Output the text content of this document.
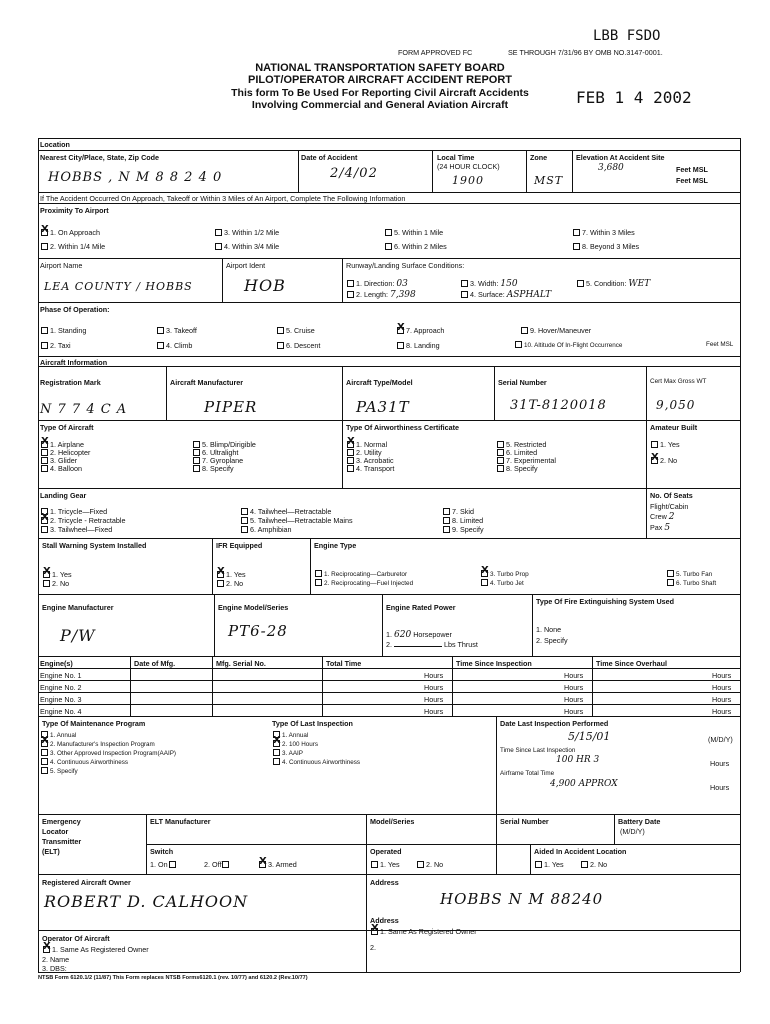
FORM APPROVED FC	SE THROUGH 7/31/96 BY OMB NO.3147-0001.
LBB FSDO
FEB 1 4 2002
NATIONAL TRANSPORTATION SAFETY BOARD
PILOT/OPERATOR AIRCRAFT ACCIDENT REPORT
This form To Be Used For Reporting Civil Aircraft Accidents
Involving Commercial and General Aviation Aircraft
Location
Nearest City/Place, State, Zip Code
HOBBS , N M 8 8 2 4 0
Date of Accident
2/4/02
Local Time
(24 HOUR CLOCK)
1900
Zone
MST
Elevation At Accident Site
3,680	Feet MSL
Feet MSL
If The Accident Occurred On Approach, Takeoff or Within 3 Miles of An Airport, Complete The Following Information
Proximity To Airport
X1. On Approach
2. Within 1/4 Mile
3. Within 1/2 Mile
4. Within 3/4 Mile
5. Within 1 Mile
6. Within 2 Miles
7. Within 3 Miles
8. Beyond 3 Miles
Airport Name
LEA COUNTY / HOBBS
Airport Ident
HOB
Runway/Landing Surface Conditions:
1. Direction: 03
2. Length: 7,398
3. Width: 150
4. Surface: ASPHALT
5. Condition: WET
Phase Of Operation:
1. Standing
2. Taxi
3. Takeoff
4. Climb
5. Cruise
6. Descent
X7. Approach
8. Landing
9. Hover/Maneuver
10. Altitude Of In-Flight Occurrence	Feet MSL
Aircraft Information
Registration Mark
N 7 7 4 C A
Aircraft Manufacturer
PIPER
Aircraft Type/Model
PA31T
Serial Number
31T-8120018
Cert Max Gross WT
9,050
Type Of Aircraft
X1. Airplane
2. Helicopter
3. Glider
4. Balloon
5. Blimp/Dirigible
6. Ultralight
7. Gyroplane
8. Specify
Type Of Airworthiness Certificate
X1. Normal
2. Utility
3. Acrobatic
4. Transport
5. Restricted
6. Limited
7. Experimental
8. Specify
Amateur Built
1. Yes
X2. No
Landing Gear
1. Tricycle—Fixed
X2. Tricycle - Retractable
3. Tailwheel—Fixed
4. Tailwheel—Retractable
5. Tailwheel—Retractable Mains
6. Amphibian
7. Skid
8. Limited
9. Specify
No. Of Seats
Flight/Cabin
Crew 2
Pax 5
Stall Warning System Installed
X1. Yes
2. No
IFR Equipped
X1. Yes
2. No
Engine Type
1. Reciprocating—Carburetor
2. Reciprocating—Fuel Injected
X3. Turbo Prop
4. Turbo Jet
5. Turbo Fan
6. Turbo Shaft
Engine Manufacturer
P/W
Engine Model/Series
PT6-28
Engine Rated Power
1. 620 Horsepower
2.	Lbs Thrust
Type Of Fire Extinguishing System Used
1. None
2. Specify
Engine(s)	Date of Mfg.	Mfg. Serial No.	Total Time	Time Since Inspection	Time Since Overhaul
Engine No. 1
Engine No. 2
Engine No. 3
Engine No. 4
Hours
Hours
Hours
Hours
Hours
Hours
Hours
Hours
Hours
Hours
Hours
Hours
Type Of Maintenance Program
1. Annual
X2. Manufacturer's Inspection Program
3. Other Approved Inspection Program(AAIP)
4. Continuous Airworthiness
5. Specify
Type Of Last Inspection
1. Annual
X2. 100 Hours
3. AAIP
4. Continuous Airworthiness
Date Last Inspection Performed
5/15/01	(M/D/Y)
Time Since Last Inspection
100 HR 3	Hours
Airframe Total Time
4,900 APPROX	Hours
Emergency
Locator
Transmitter
(ELT)
ELT Manufacturer	Model/Series	Serial Number	Battery Date
(M/D/Y)
Switch
1. On	2. Off
X	3. Armed
Operated
1. Yes	2. No
Aided In Accident Location
1. Yes	2. No
Registered Aircraft Owner
ROBERT D. CALHOON
Address
HOBBS N M 88240
Operator Of Aircraft
X1. Same As Registered Owner
2. Name
3. DBS:
Address
X1. Same As Registered Owner
2.
NTSB Form 6120.1/2 (11/87) This Form replaces NTSB Forms6120.1 (rev. 10/77) and 6120.2 (Rev.10/77)
